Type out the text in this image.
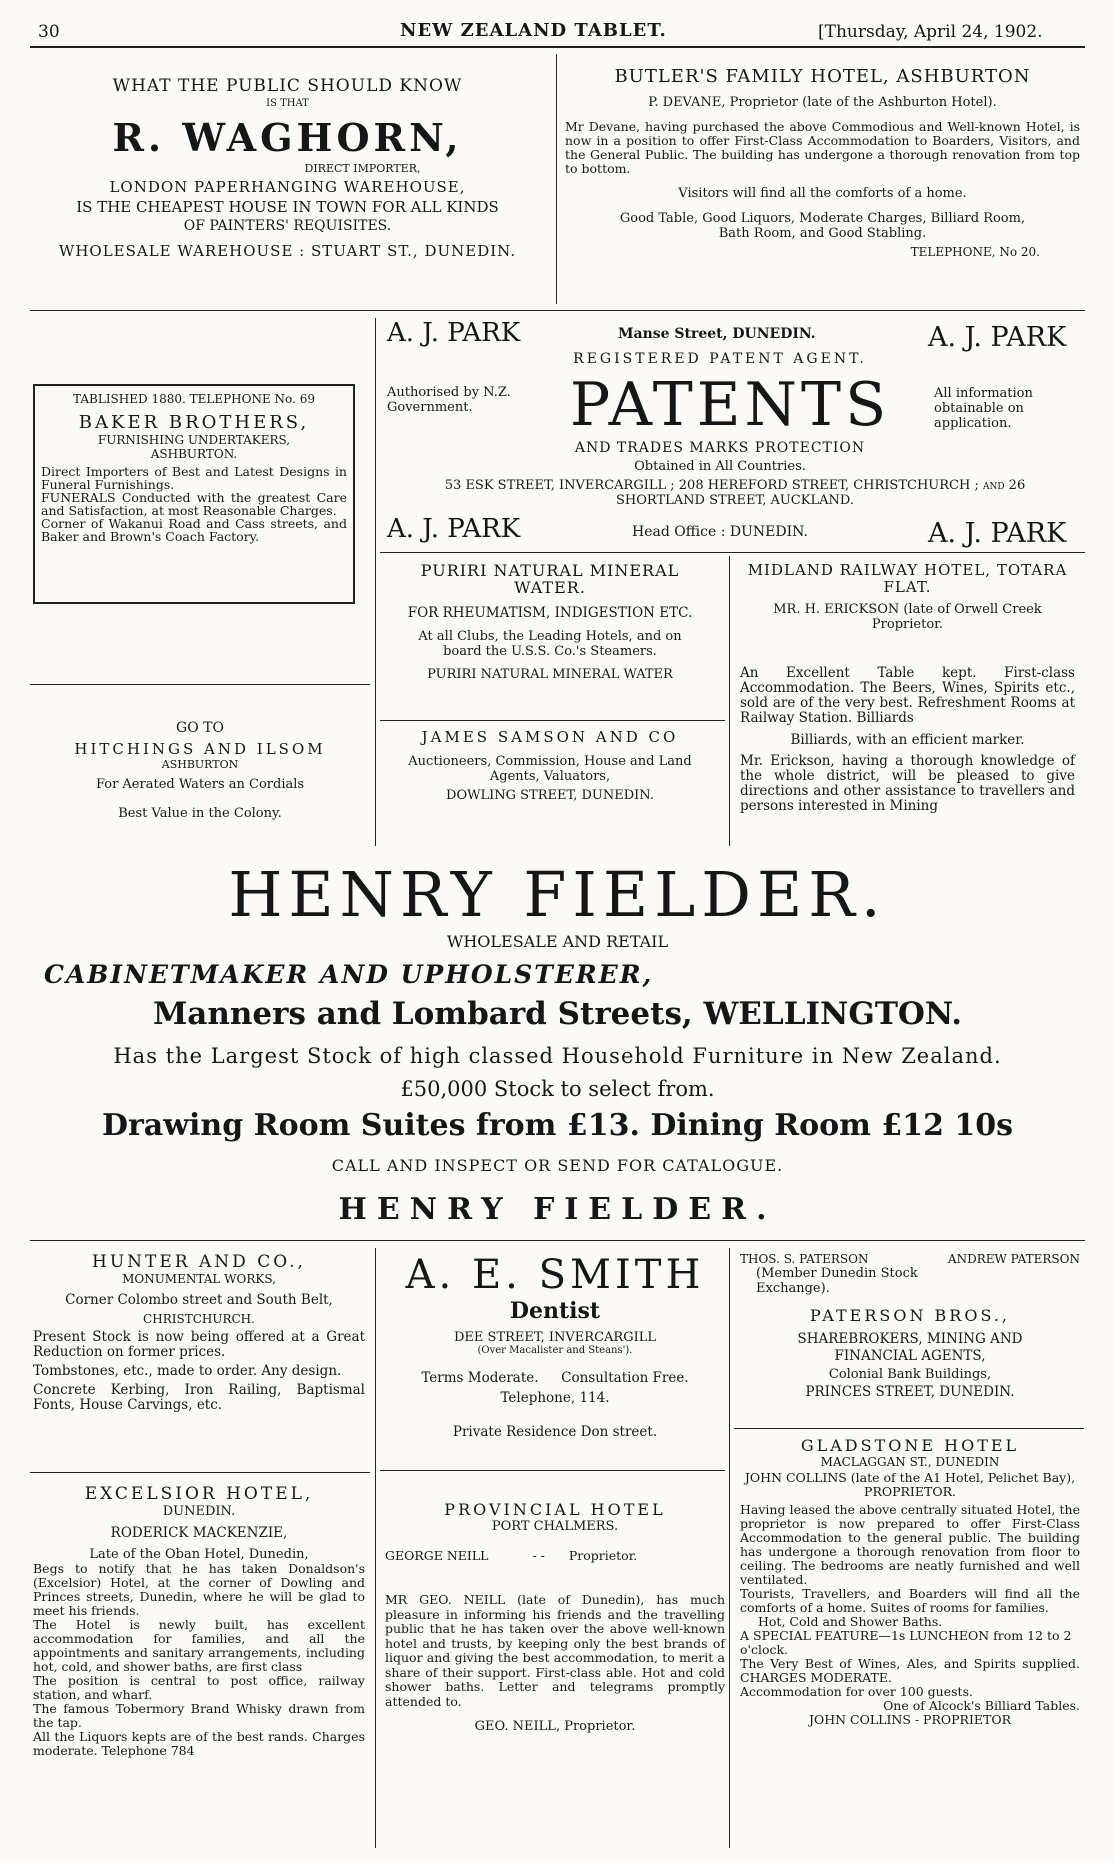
30	NEW ZEALAND TABLET.	[Thursday, April 24, 1902.
WHAT THE PUBLIC SHOULD KNOW
IS THAT
R. WAGHORN,
DIRECT IMPORTER,
LONDON PAPERHANGING WAREHOUSE,
IS THE CHEAPEST HOUSE IN TOWN FOR ALL KINDS
OF PAINTERS' REQUISITES.
WHOLESALE WAREHOUSE : STUART ST., DUNEDIN.
BUTLER'S FAMILY HOTEL, ASHBURTON
P. DEVANE, Proprietor (late of the Ashburton Hotel).
Mr Devane, having purchased the above Commodious and Well-known Hotel, is now in a position to offer First-Class Accommodation to Boarders, Visitors, and the General Public. The building has undergone a thorough renovation from top to bottom.
Visitors will find all the comforts of a home.
Good Table, Good Liquors, Moderate Charges, Billiard Room, Bath Room, and Good Stabling.
TELEPHONE, No 20.
TABLISHED 1880. TELEPHONE No. 69
BAKER BROTHERS,
FURNISHING UNDERTAKERS,
ASHBURTON.
Direct Importers of Best and Latest Designs in Funeral Furnishings.
FUNERALS Conducted with the greatest Care and Satisfaction, at most Reasonable Charges.
Corner of Wakanui Road and Cass streets, and Baker and Brown's Coach Factory.
GO TO
HITCHINGS AND ILSOM
ASHBURTON
For Aerated Waters an Cordials
Best Value in the Colony.
A. J. PARK	Manse Street, DUNEDIN.	A. J. PARK
REGISTERED PATENT AGENT.
Authorised by N.Z. Government.	PATENTS	All information obtainable on application.
AND TRADES MARKS PROTECTION
Obtained in All Countries.
53 ESK STREET, INVERCARGILL ; 208 HEREFORD STREET, CHRISTCHURCH ; and 26 SHORTLAND STREET, AUCKLAND.
A. J. PARK	Head Office : DUNEDIN.	A. J. PARK
PURIRI NATURAL MINERAL WATER.
FOR RHEUMATISM, INDIGESTION ETC.
At all Clubs, the Leading Hotels, and on board the U.S.S. Co.'s Steamers.
PURIRI NATURAL MINERAL WATER
JAMES SAMSON AND CO
Auctioneers, Commission, House and Land Agents, Valuators,
DOWLING STREET, DUNEDIN.
MIDLAND RAILWAY HOTEL, TOTARA FLAT.
MR. H. ERICKSON (late of Orwell Creek Proprietor.
An Excellent Table kept. First-class Accommodation. The Beers, Wines, Spirits etc., sold are of the very best. Refreshment Rooms at Railway Station. Billiards
Billiards, with an efficient marker.
Mr. Erickson, having a thorough knowledge of the whole district, will be pleased to give directions and other assistance to travellers and persons interested in Mining
HENRY FIELDER.
WHOLESALE AND RETAIL
CABINETMAKER AND UPHOLSTERER,
Manners and Lombard Streets, WELLINGTON.
Has the Largest Stock of high classed Household Furniture in New Zealand.
£50,000 Stock to select from.
Drawing Room Suites from £13. Dining Room £12 10s
CALL AND INSPECT OR SEND FOR CATALOGUE.
HENRY FIELDER.
HUNTER AND CO.,
MONUMENTAL WORKS,
Corner Colombo street and South Belt,
CHRISTCHURCH.
Present Stock is now being offered at a Great Reduction on former prices.
Tombstones, etc., made to order. Any design.
Concrete Kerbing, Iron Railing, Baptismal Fonts, House Carvings, etc.
EXCELSIOR HOTEL,
DUNEDIN.
RODERICK MACKENZIE,
Late of the Oban Hotel, Dunedin,
Begs to notify that he has taken Donaldson's (Excelsior) Hotel, at the corner of Dowling and Princes streets, Dunedin, where he will be glad to meet his friends.
The Hotel is newly built, has excellent accommodation for families, and all the appointments and sanitary arrangements, including hot, cold, and shower baths, are first class
The position is central to post office, railway station, and wharf.
The famous Tobermory Brand Whisky drawn from the tap.
All the Liquors kepts are of the best rands. Charges moderate. Telephone 784
A. E. SMITH
Dentist
DEE STREET, INVERCARGILL
(Over Macalister and Steans').
Terms Moderate. Consultation Free.
Telephone, 114.
Private Residence Don street.
PROVINCIAL HOTEL
PORT CHALMERS.
GEORGE NEILL	- - Proprietor.
MR GEO. NEILL (late of Dunedin), has much pleasure in informing his friends and the travelling public that he has taken over the above well-known hotel and trusts, by keeping only the best brands of liquor and giving the best accommodation, to merit a share of their support. First-class able. Hot and cold shower baths. Letter and telegrams promptly attended to.
GEO. NEILL, Proprietor.
THOS. S. PATERSON	ANDREW PATERSON
(Member Dunedin Stock Exchange).
PATERSON BROS.,
SHAREBROKERS, MINING AND FINANCIAL AGENTS,
Colonial Bank Buildings,
PRINCES STREET, DUNEDIN.
GLADSTONE HOTEL
MACLAGGAN ST., DUNEDIN
JOHN COLLINS (late of the A1 Hotel, Pelichet Bay), PROPRIETOR.
Having leased the above centrally situated Hotel, the proprietor is now prepared to offer First-Class Accommodation to the general public. The building has undergone a thorough renovation from floor to ceiling. The bedrooms are neatly furnished and well ventilated.
Tourists, Travellers, and Boarders will find all the comforts of a home. Suites of rooms for families.
Hot, Cold and Shower Baths.
A SPECIAL FEATURE—1s LUNCHEON from 12 to 2 o'clock.
The Very Best of Wines, Ales, and Spirits supplied. CHARGES MODERATE.
Accommodation for over 100 guests.
One of Alcock's Billiard Tables.
JOHN COLLINS - PROPRIETOR
